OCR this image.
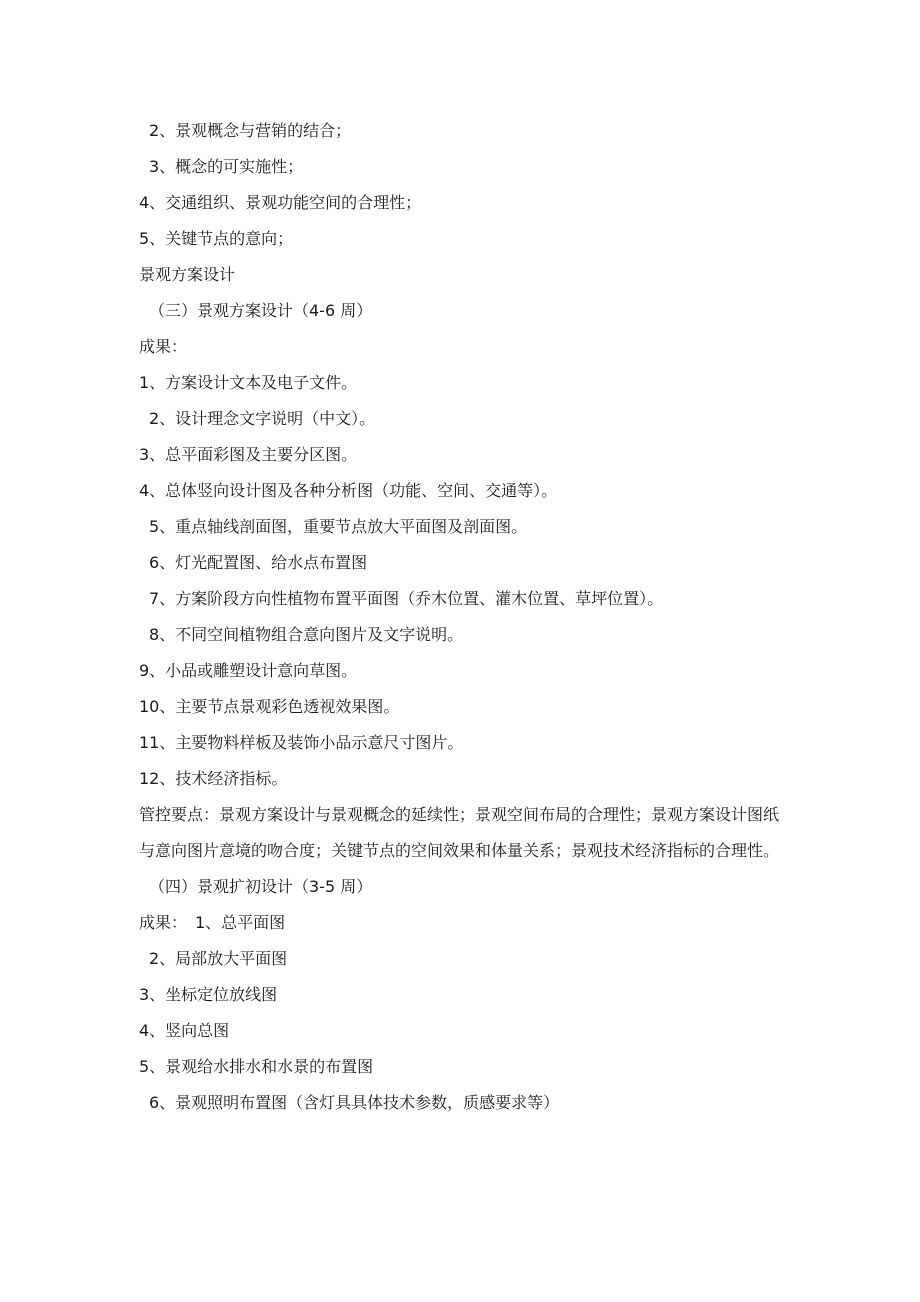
2、景观概念与营销的结合；
3、概念的可实施性；
4、交通组织、景观功能空间的合理性；
5、关键节点的意向；
景观方案设计
（三）景观方案设计（4-6 周）
成果：
1、方案设计文本及电子文件。
2、设计理念文字说明（中文）。
3、总平面彩图及主要分区图。
4、总体竖向设计图及各种分析图（功能、空间、交通等）。
5、重点轴线剖面图，重要节点放大平面图及剖面图。
6、灯光配置图、给水点布置图
7、方案阶段方向性植物布置平面图（乔木位置、灌木位置、草坪位置）。
8、不同空间植物组合意向图片及文字说明。
9、小品或雕塑设计意向草图。
10、主要节点景观彩色透视效果图。
11、主要物料样板及装饰小品示意尺寸图片。
12、技术经济指标。
管控要点：景观方案设计与景观概念的延续性；景观空间布局的合理性；景观方案设计图纸与意向图片意境的吻合度；关键节点的空间效果和体量关系；景观技术经济指标的合理性。
（四）景观扩初设计（3-5 周）
成果：　1、总平面图
2、局部放大平面图
3、坐标定位放线图
4、竖向总图
5、景观给水排水和水景的布置图
6、景观照明布置图（含灯具具体技术参数，质感要求等）
